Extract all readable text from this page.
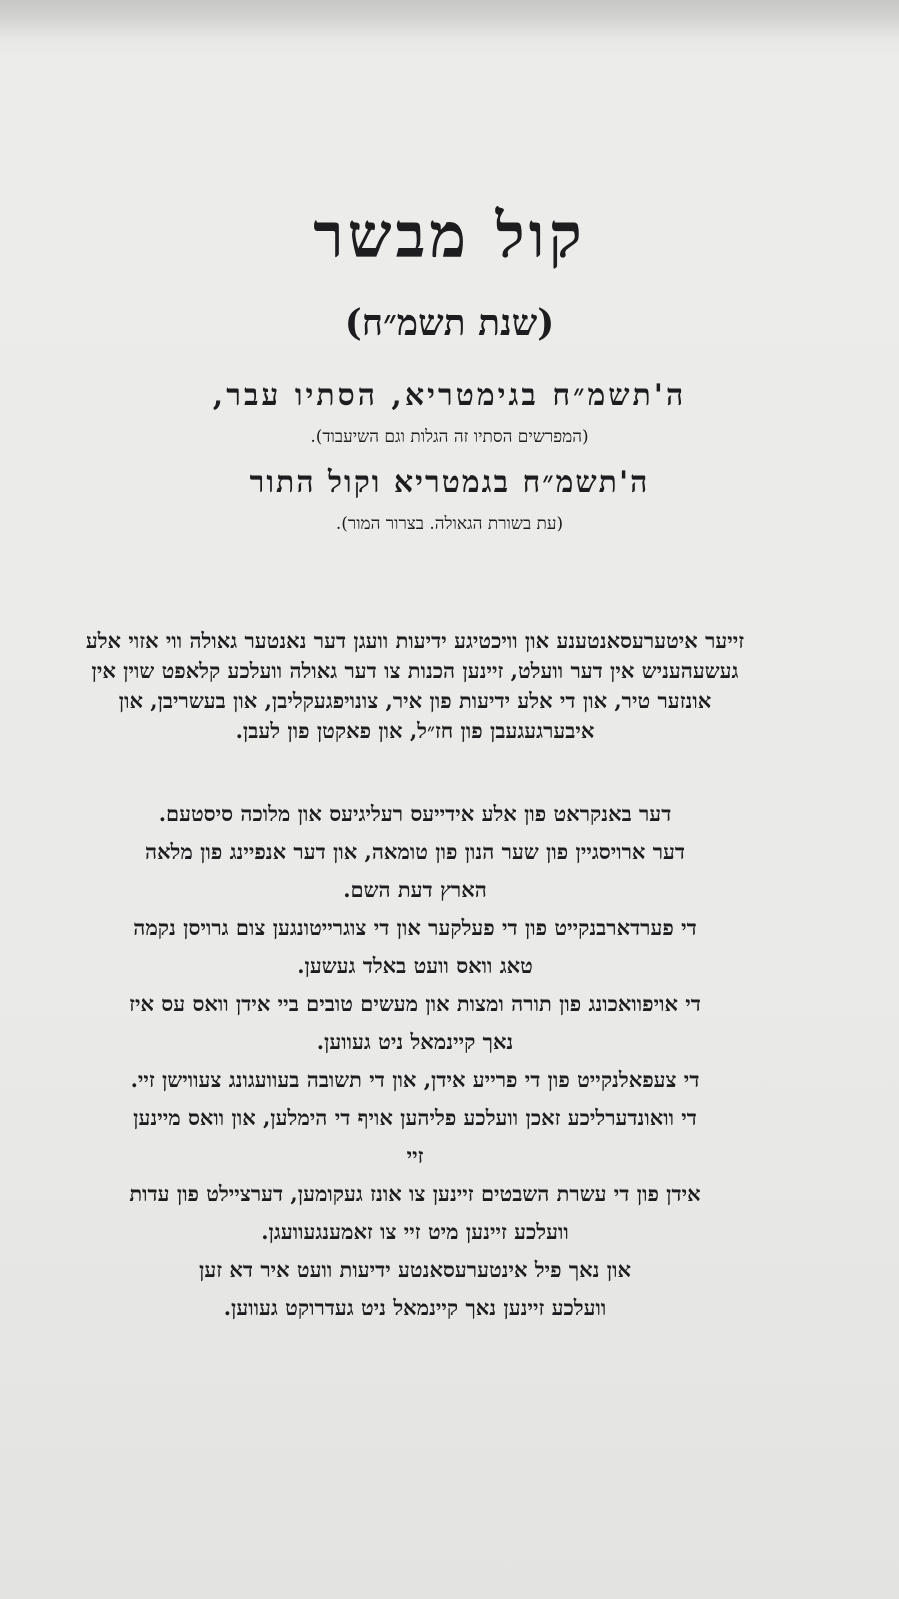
קול מבשר
(שנת תשמ״ח)
ה'תשמ״ח בגימטריא, הסתיו עבר,
(המפרשים הסתיו זה הגלות וגם השיעבוד).
ה'תשמ״ח בגמטריא וקול התור
(עת בשורת הגאולה. בצרור המור).
זייער איטערעסאנטענע און וויכטיגע ידיעות וועגן דער נאנטער גאולה ווי אזוי אלע
געשעהעניש אין דער וועלט, זיינען הכנות צו דער גאולה וועלכע קלאפט שוין אין
אונזער טיר, און די אלע ידיעות פון איר, צונויפגעקליבן, און בעשריבן, און
איבערגעגעבן פון חז״ל, און פאקטן פון לעבן.
דער באנקראט פון אלע אידייעס רעליגיעס און מלוכה סיסטעם.
דער ארויסגיין פון שער הנון פון טומאה, און דער אנפיינג פון מלאה
הארץ דעת השם.
די פערדארבנקייט פון די פעלקער און די צוגרייטונגען צום גרויסן נקמה
טאג וואס וועט באלד געשען.
די אויפוואכונג פון תורה ומצות און מעשים טובים ביי אידן וואס עס איז
נאך קיינמאל ניט געווען.
די צעפאלנקייט פון די פרייע אידן, און די תשובה בעוועגונג צעווישן זיי.
די וואונדערליכע זאכן וועלכע פליהען אויף די הימלען, און וואס מיינען
זיי
אידן פון די עשרת השבטים זיינען צו אונז געקומען, דערציילט פון עדות
וועלכע זיינען מיט זיי צו זאמענגעוועגן.
און נאך פיל אינטערעסאנטע ידיעות וועט איר דא זען
וועלכע זיינען נאך קיינמאל ניט געדרוקט געווען.
